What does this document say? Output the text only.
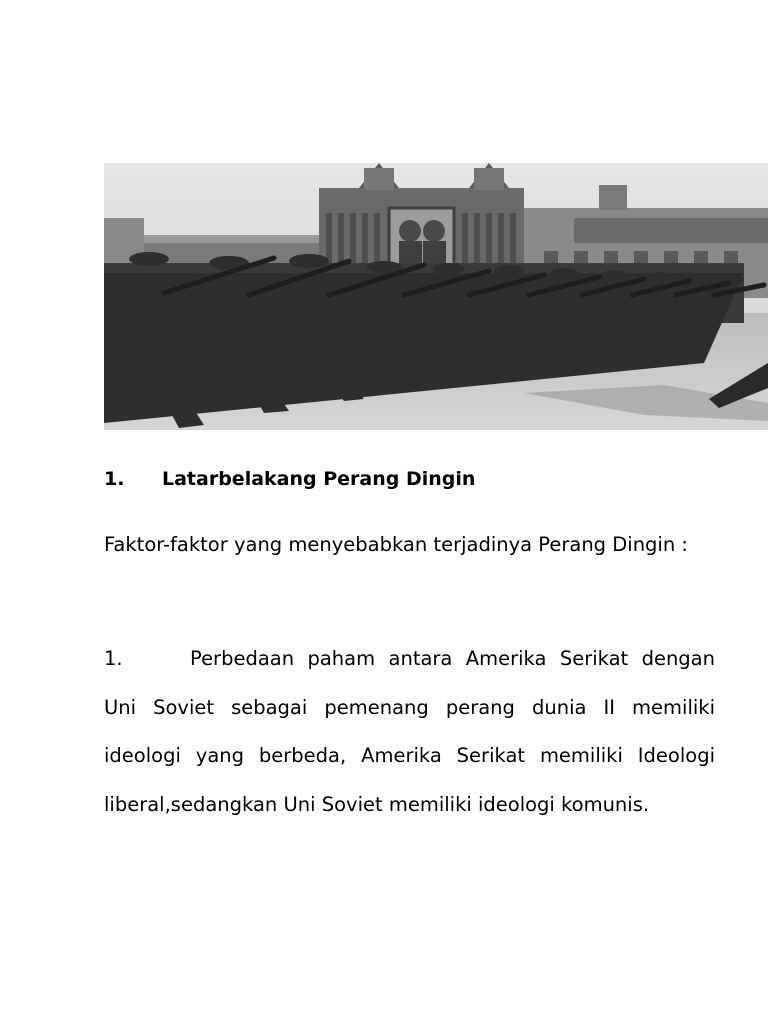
1. Latarbelakang Perang Dingin
Faktor-faktor yang menyebabkan terjadinya Perang Dingin :
1.	Perbedaan paham antara Amerika Serikat dengan Uni Soviet sebagai pemenang perang dunia II memiliki ideologi yang berbeda, Amerika Serikat memiliki Ideologi liberal,sedangkan Uni Soviet memiliki ideologi komunis.
